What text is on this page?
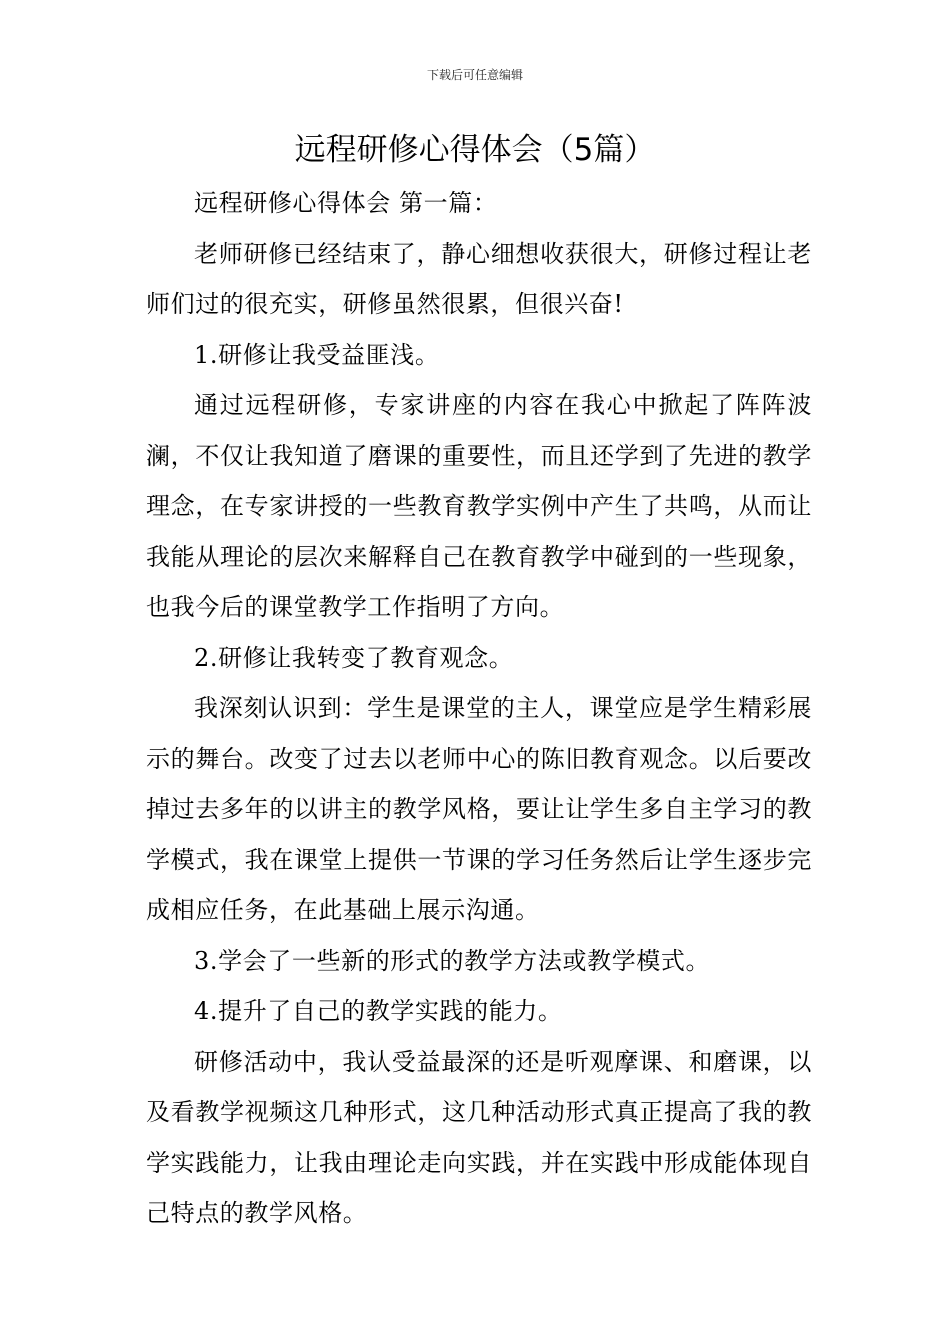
下载后可任意编辑
远程研修心得体会（5篇）

远程研修心得体会 第一篇：

老师研修已经结束了，静心细想收获很大，研修过程让老师们过的很充实，研修虽然很累，但很兴奋!

1.研修让我受益匪浅。

通过远程研修，专家讲座的内容在我心中掀起了阵阵波澜，不仅让我知道了磨课的重要性，而且还学到了先进的教学理念，在专家讲授的一些教育教学实例中产生了共鸣，从而让我能从理论的层次来解释自己在教育教学中碰到的一些现象，也我今后的课堂教学工作指明了方向。

2.研修让我转变了教育观念。

我深刻认识到：学生是课堂的主人，课堂应是学生精彩展示的舞台。改变了过去以老师中心的陈旧教育观念。以后要改掉过去多年的以讲主的教学风格，要让让学生多自主学习的教学模式，我在课堂上提供一节课的学习任务然后让学生逐步完成相应任务，在此基础上展示沟通。

3.学会了一些新的形式的教学方法或教学模式。

4.提升了自己的教学实践的能力。

研修活动中，我认受益最深的还是听观摩课、和磨课，以及看教学视频这几种形式，这几种活动形式真正提高了我的教学实践能力，让我由理论走向实践，并在实践中形成能体现自己特点的教学风格。
